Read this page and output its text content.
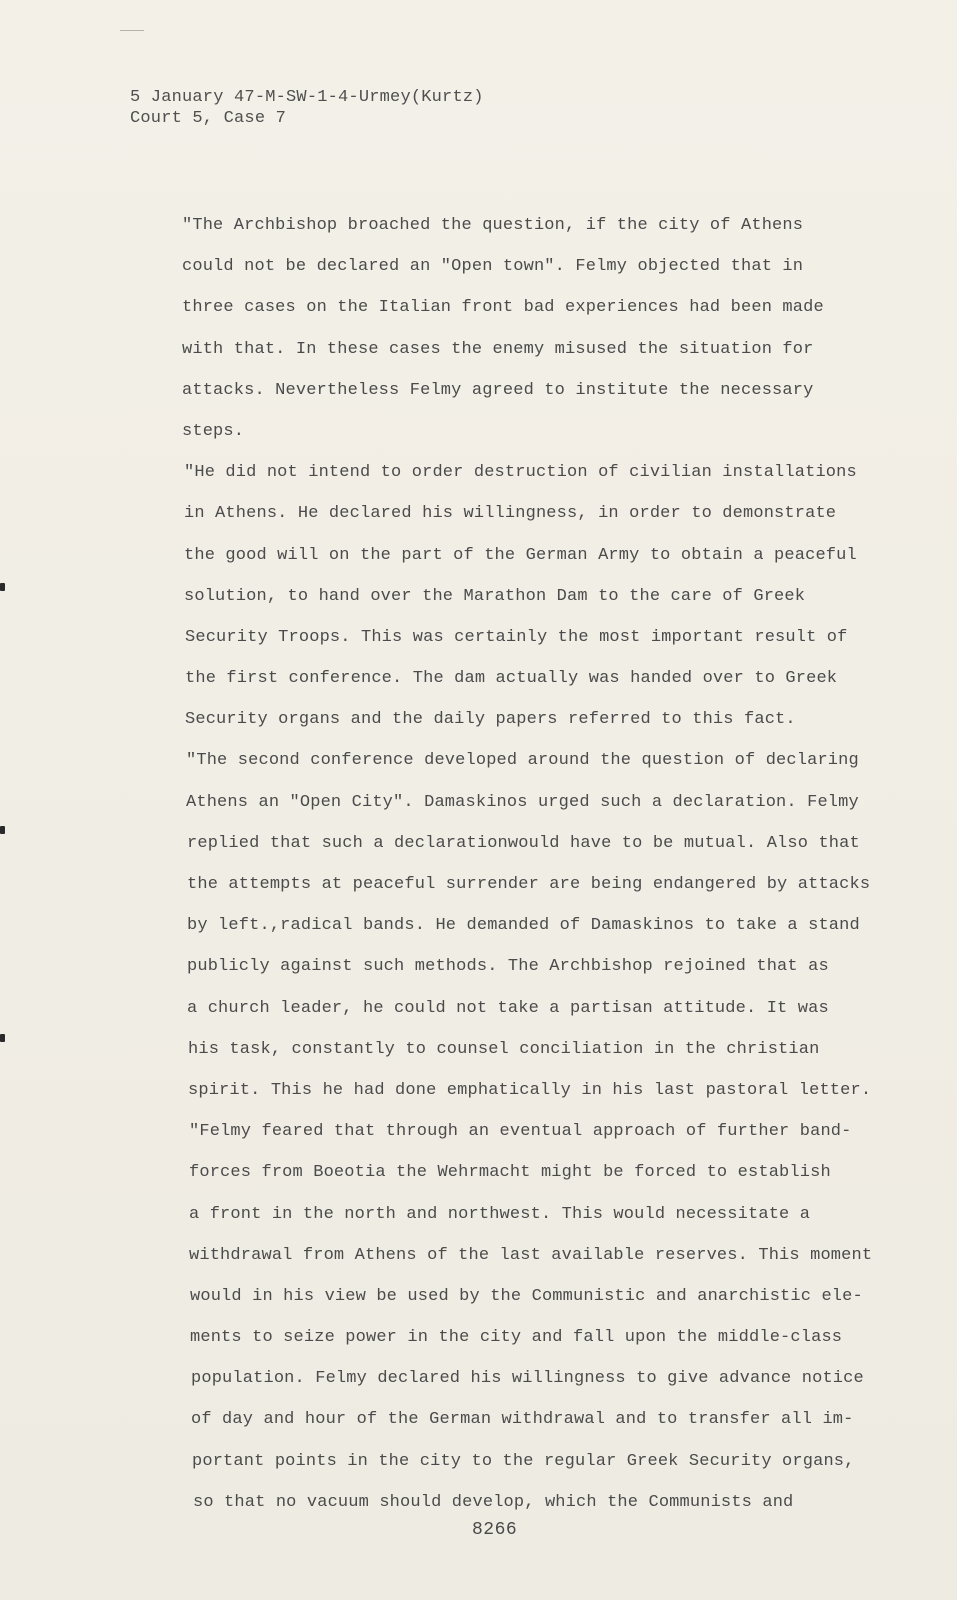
5 January 47-M-SW-1-4-Urmey(Kurtz)
Court 5, Case 7
"The Archbishop broached the question, if the city of Athens
could not be declared an "Open town". Felmy objected that in
three cases on the Italian front bad experiences had been made
with that. In these cases the enemy misused the situation for
attacks. Nevertheless Felmy agreed to institute the necessary
steps.
"He did not intend to order destruction of civilian installations
in Athens. He declared his willingness, in order to demonstrate
the good will on the part of the German Army to obtain a peaceful
solution, to hand over the Marathon Dam to the care of Greek
Security Troops. This was certainly the most important result of
the first conference. The dam actually was handed over to Greek
Security organs and the daily papers referred to this fact.
"The second conference developed around the question of declaring
Athens an "Open City". Damaskinos urged such a declaration. Felmy
replied that such a declarationwould have to be mutual. Also that
the attempts at peaceful surrender are being endangered by attacks
by left.,radical bands. He demanded of Damaskinos to take a stand
publicly against such methods. The Archbishop rejoined that as
a church leader, he could not take a partisan attitude. It was
his task, constantly to counsel conciliation in the christian
spirit. This he had done emphatically in his last pastoral letter.
"Felmy feared that through an eventual approach of further band-
forces from Boeotia the Wehrmacht might be forced to establish
a front in the north and northwest. This would necessitate a
withdrawal from Athens of the last available reserves. This moment
would in his view be used by the Communistic and anarchistic ele-
ments to seize power in the city and fall upon the middle-class
population. Felmy declared his willingness to give advance notice
of day and hour of the German withdrawal and to transfer all im-
portant points in the city to the regular Greek Security organs,
so that no vacuum should develop, which the Communists and
8266
